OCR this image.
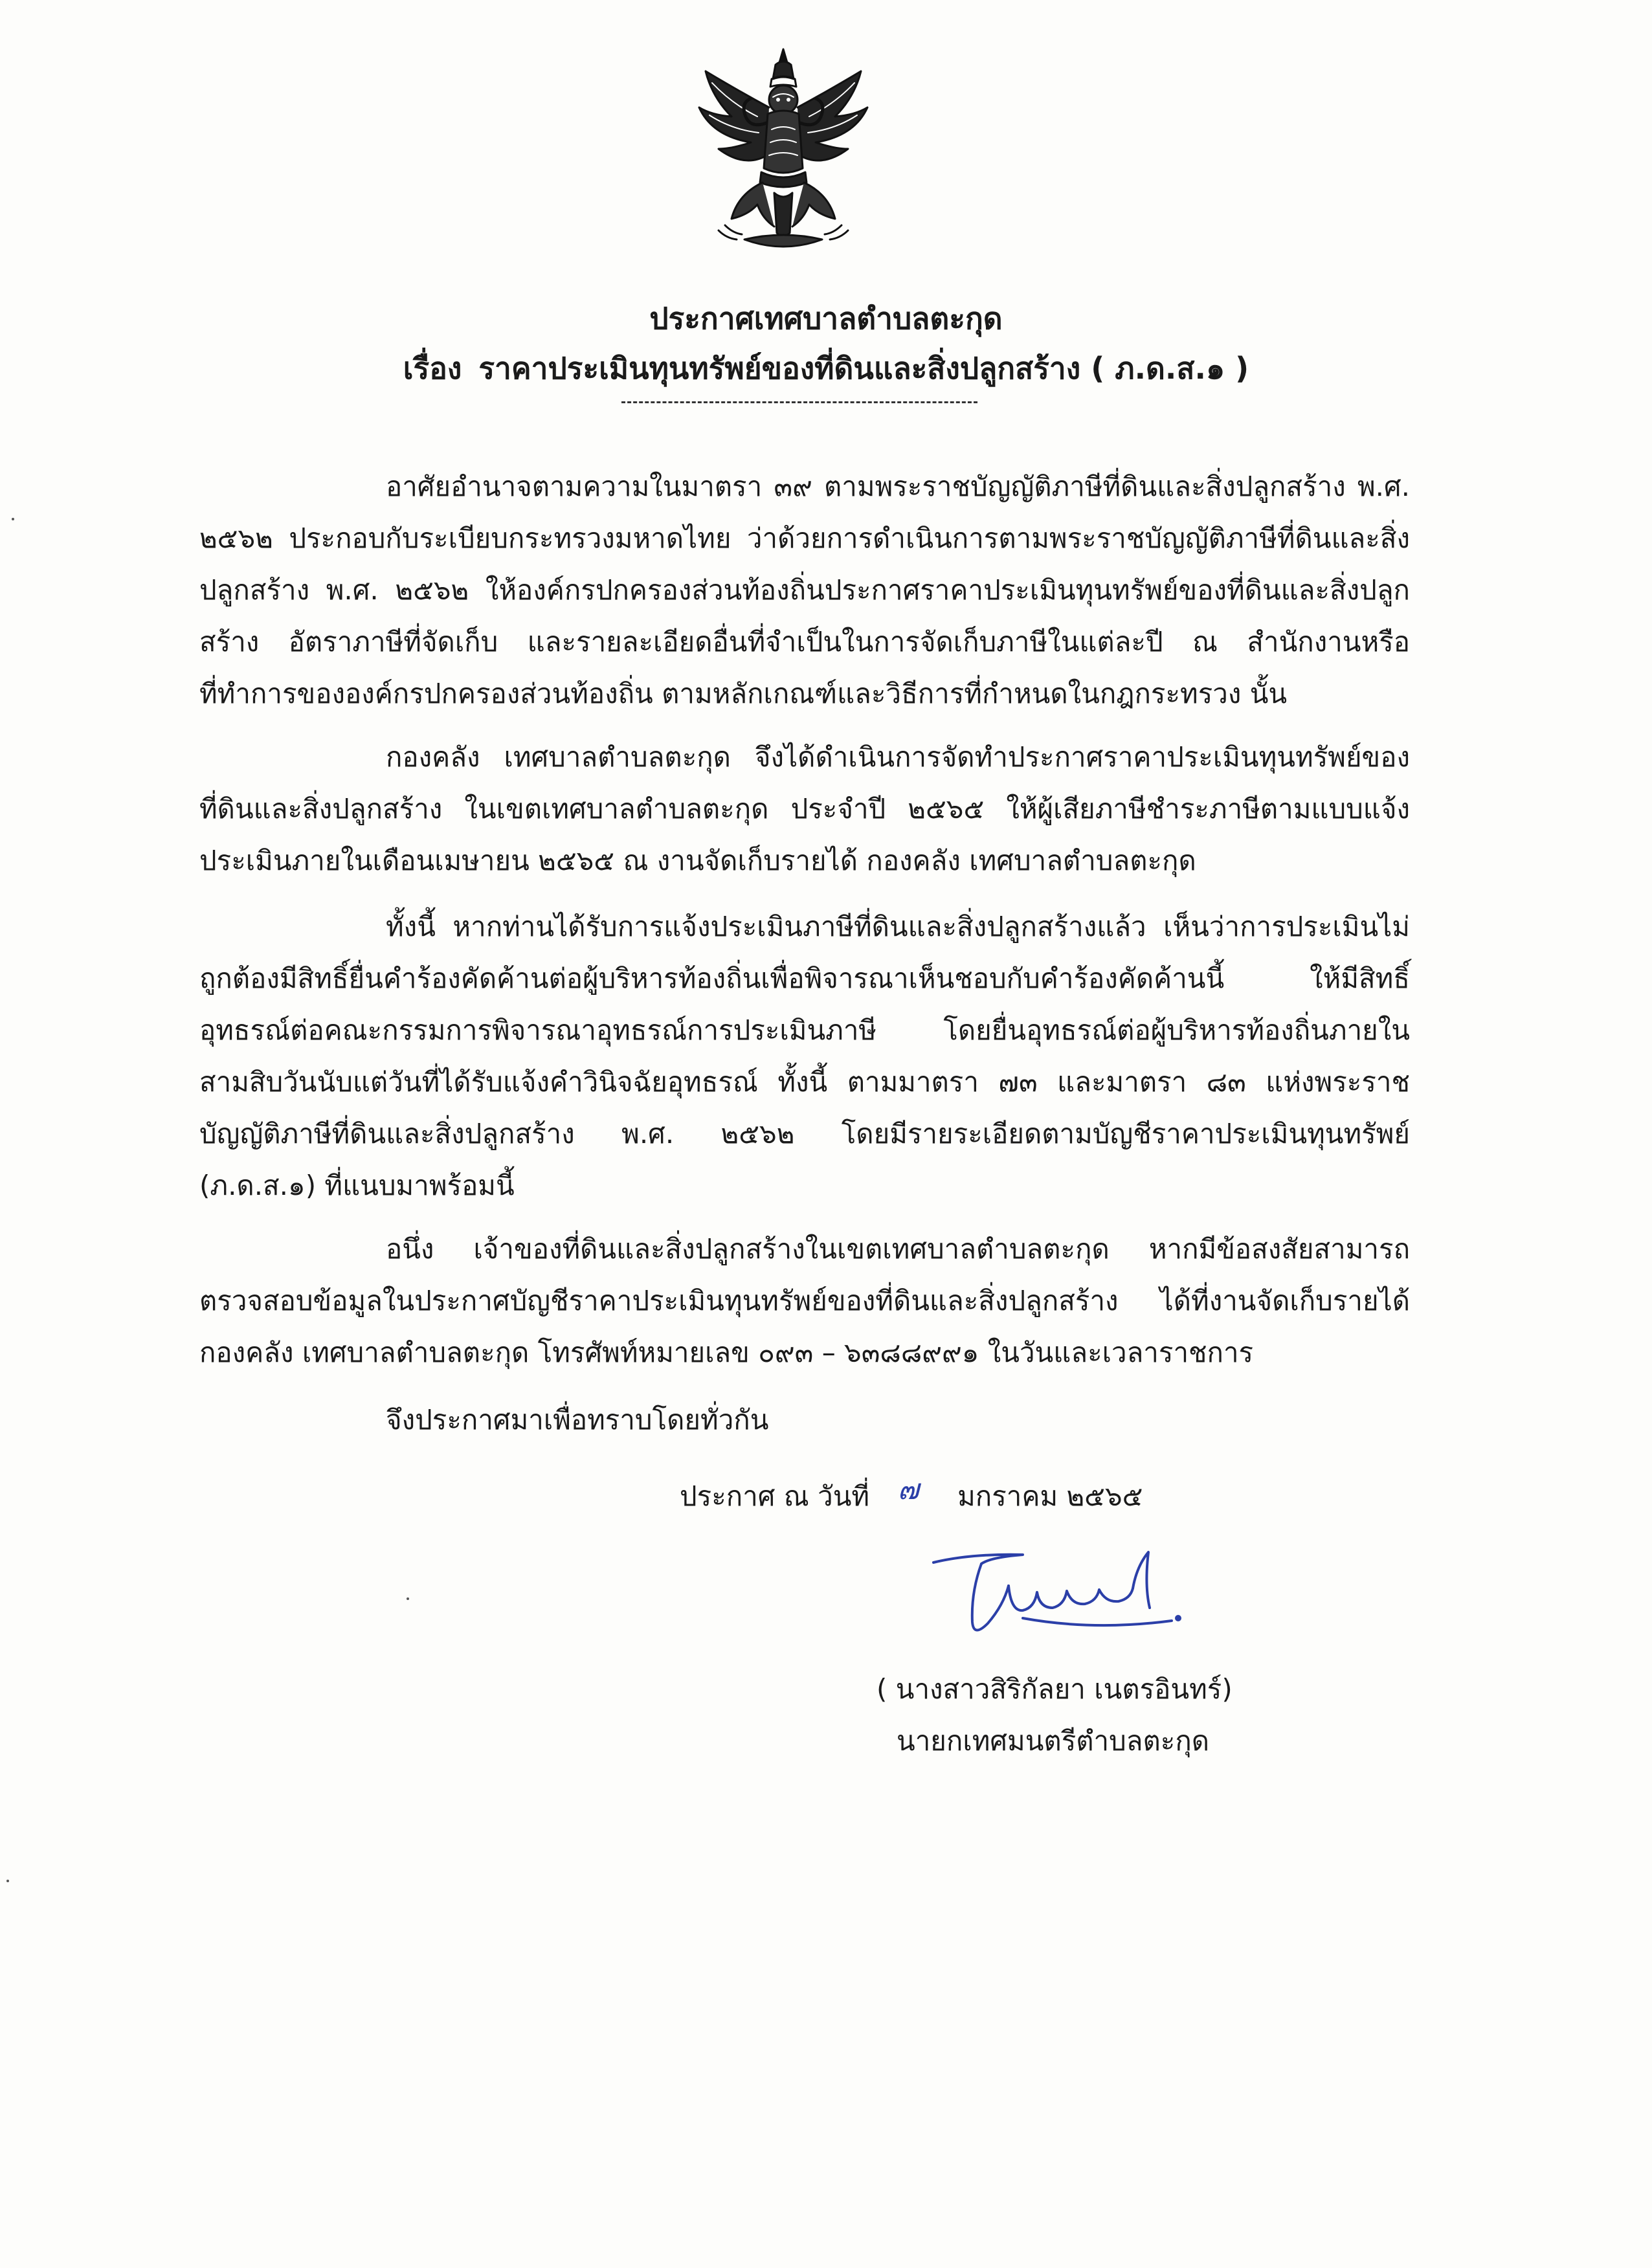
ประกาศเทศบาลตำบลตะกุด
เรื่อง ราคาประเมินทุนทรัพย์ของที่ดินและสิ่งปลูกสร้าง ( ภ.ด.ส.๑ )

อาศัยอำนาจตามความในมาตรา ๓๙ ตามพระราชบัญญัติภาษีที่ดินและสิ่งปลูกสร้าง พ.ศ. ๒๕๖๒ ประกอบกับระเบียบกระทรวงมหาดไทย ว่าด้วยการดำเนินการตามพระราชบัญญัติภาษีที่ดินและสิ่งปลูกสร้าง พ.ศ. ๒๕๖๒ ให้องค์กรปกครองส่วนท้องถิ่นประกาศราคาประเมินทุนทรัพย์ของที่ดินและสิ่งปลูกสร้าง อัตราภาษีที่จัดเก็บ และรายละเอียดอื่นที่จำเป็นในการจัดเก็บภาษีในแต่ละปี ณ สำนักงานหรือที่ทำการขององค์กรปกครองส่วนท้องถิ่น ตามหลักเกณฑ์และวิธีการที่กำหนดในกฎกระทรวง นั้น

กองคลัง เทศบาลตำบลตะกุด จึงได้ดำเนินการจัดทำประกาศราคาประเมินทุนทรัพย์ของที่ดินและสิ่งปลูกสร้าง ในเขตเทศบาลตำบลตะกุด ประจำปี ๒๕๖๕ ให้ผู้เสียภาษีชำระภาษีตามแบบแจ้งประเมินภายในเดือนเมษายน ๒๕๖๕ ณ งานจัดเก็บรายได้ กองคลัง เทศบาลตำบลตะกุด

ทั้งนี้ หากท่านได้รับการแจ้งประเมินภาษีที่ดินและสิ่งปลูกสร้างแล้ว เห็นว่าการประเมินไม่ถูกต้องมีสิทธิ์ยื่นคำร้องคัดค้านต่อผู้บริหารท้องถิ่นเพื่อพิจารณาเห็นชอบกับคำร้องคัดค้านนี้ ให้มีสิทธิ์อุทธรณ์ต่อคณะกรรมการพิจารณาอุทธรณ์การประเมินภาษี โดยยื่นอุทธรณ์ต่อผู้บริหารท้องถิ่นภายในสามสิบวันนับแต่วันที่ได้รับแจ้งคำวินิจฉัยอุทธรณ์ ทั้งนี้ ตามมาตรา ๗๓ และมาตรา ๘๓ แห่งพระราชบัญญัติภาษีที่ดินและสิ่งปลูกสร้าง พ.ศ. ๒๕๖๒ โดยมีรายระเอียดตามบัญชีราคาประเมินทุนทรัพย์ (ภ.ด.ส.๑) ที่แนบมาพร้อมนี้

อนึ่ง เจ้าของที่ดินและสิ่งปลูกสร้างในเขตเทศบาลตำบลตะกุด หากมีข้อสงสัยสามารถตรวจสอบข้อมูลในประกาศบัญชีราคาประเมินทุนทรัพย์ของที่ดินและสิ่งปลูกสร้าง ได้ที่งานจัดเก็บรายได้ กองคลัง เทศบาลตำบลตะกุด โทรศัพท์หมายเลข ๐๙๓ – ๖๓๘๘๙๙๑ ในวันและเวลาราชการ

จึงประกาศมาเพื่อทราบโดยทั่วกัน
ประกาศ ณ วันที่ ๗ มกราคม ๒๕๖๕
( นางสาวสิริกัลยา เนตรอินทร์)
นายกเทศมนตรีตำบลตะกุด
